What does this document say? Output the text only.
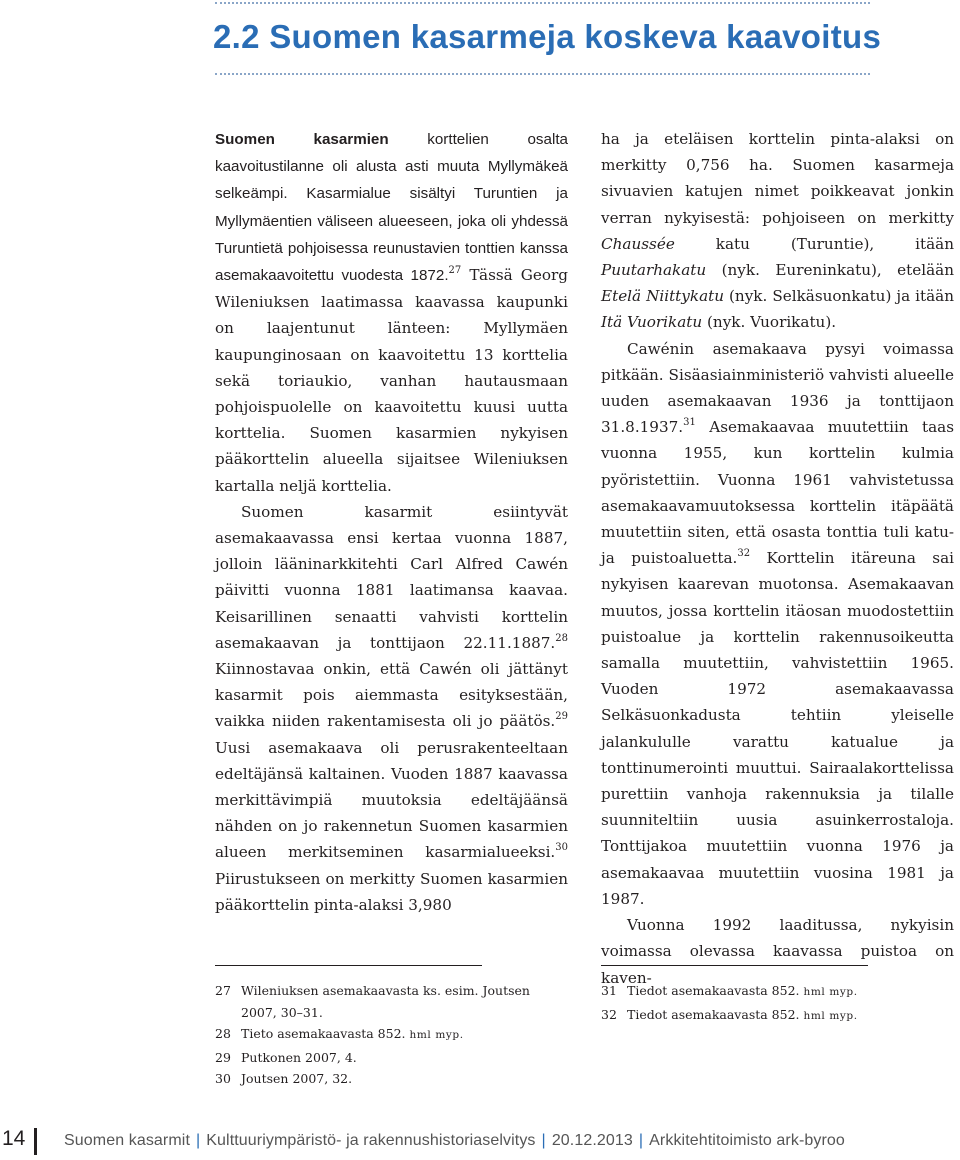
2.2 Suomen kasarmeja koskeva kaavoitus

Suomen kasarmien korttelien osalta kaavoitustilanne oli alusta asti muuta Myllymäkeä selkeämpi. Kasarmialue sisältyi Turuntien ja Myllymäentien väliseen alueeseen, joka oli yhdessä Turuntietä pohjoisessa reunustavien tonttien kanssa asemakaavoitettu vuodesta 1872.27 Tässä Georg Wileniuksen laatimassa kaavassa kaupunki on laajentunut länteen: Myllymäen kaupunginosaan on kaavoitettu 13 korttelia sekä toriaukio, vanhan hautausmaan pohjoispuolelle on kaavoitettu kuusi uutta korttelia. Suomen kasarmien nykyisen pääkorttelin alueella sijaitsee Wileniuksen kartalla neljä korttelia.

Suomen kasarmit esiintyvät asemakaavassa ensi kertaa vuonna 1887, jolloin lääninarkkitehti Carl Alfred Cawén päivitti vuonna 1881 laatimansa kaavaa. Keisarillinen senaatti vahvisti korttelin asemakaavan ja tonttijaon 22.11.1887.28 Kiinnostavaa onkin, että Cawén oli jättänyt kasarmit pois aiemmasta esityksestään, vaikka niiden rakentamisesta oli jo päätös.$^{29}$ Uusi asemakaava oli perusrakenteeltaan edeltäjänsä kaltainen. Vuoden 1887 kaavassa merkittävimpiä muutoksia edeltäjäänsä nähden on jo rakennetun Suomen kasarmien alueen merkitseminen kasarmialueeksi.$^{30}$ Piirustukseen on merkitty Suomen kasarmien pääkorttelin pinta-alaksi 3,980

ha ja eteläisen korttelin pinta-alaksi on merkitty 0,756 ha. Suomen kasarmeja sivuavien katujen nimet poikkeavat jonkin verran nykyisestä: pohjoiseen on merkitty Chaussée katu (Turuntie), itään Puutarhakatu (nyk. Eureninkatu), etelään Etelä Niittykatu (nyk. Selkäsuonkatu) ja itään Itä Vuorikatu (nyk. Vuorikatu).

Cawénin asemakaava pysyi voimassa pitkään. Sisäasiainministeriö vahvisti alueelle uuden asemakaavan 1936 ja tonttijaon 31.8.1937.31 Asemakaavaa muutettiin taas vuonna 1955, kun korttelin kulmia pyöristettiin. Vuonna 1961 vahvistetussa asemakaavamuutoksessa korttelin itäpäätä muutettiin siten, että osasta tonttia tuli katu- ja puistoaluetta.$^{32}$ Korttelin itäreuna sai nykyisen kaarevan muotonsa. Asemakaavan muutos, jossa korttelin itäosan muodostettiin puistoalue ja korttelin rakennusoikeutta samalla muutettiin, vahvistettiin 1965. Vuoden 1972 asemakaavassa Selkäsuonkadusta tehtiin yleiselle jalankululle varattu katualue ja tonttinumerointi muuttui. Sairaalakorttelissa purettiin vanhoja rakennuksia ja tilalle suunniteltiin uusia asuinkerrostaloja. Tonttijakoa muutettiin vuonna 1976 ja asemakaavaa muutettiin vuosina 1981 ja 1987.

Vuonna 1992 laaditussa, nykyisin voimassa olevassa kaavassa puistoa on kaven-

27 Wileniuksen asemakaavasta ks. esim. Joutsen 2007, 30–31.
28 Tieto asemakaavasta 852. hml myp.
29 Putkonen 2007, 4.
30 Joutsen 2007, 32.
31 Tiedot asemakaavasta 852. hml myp.
32 Tiedot asemakaavasta 852. hml myp.
14 Suomen kasarmit | Kulttuuriympäristö- ja rakennushistoriaselvitys | 20.12.2013 | Arkkitehtitoimisto ark-byroo
